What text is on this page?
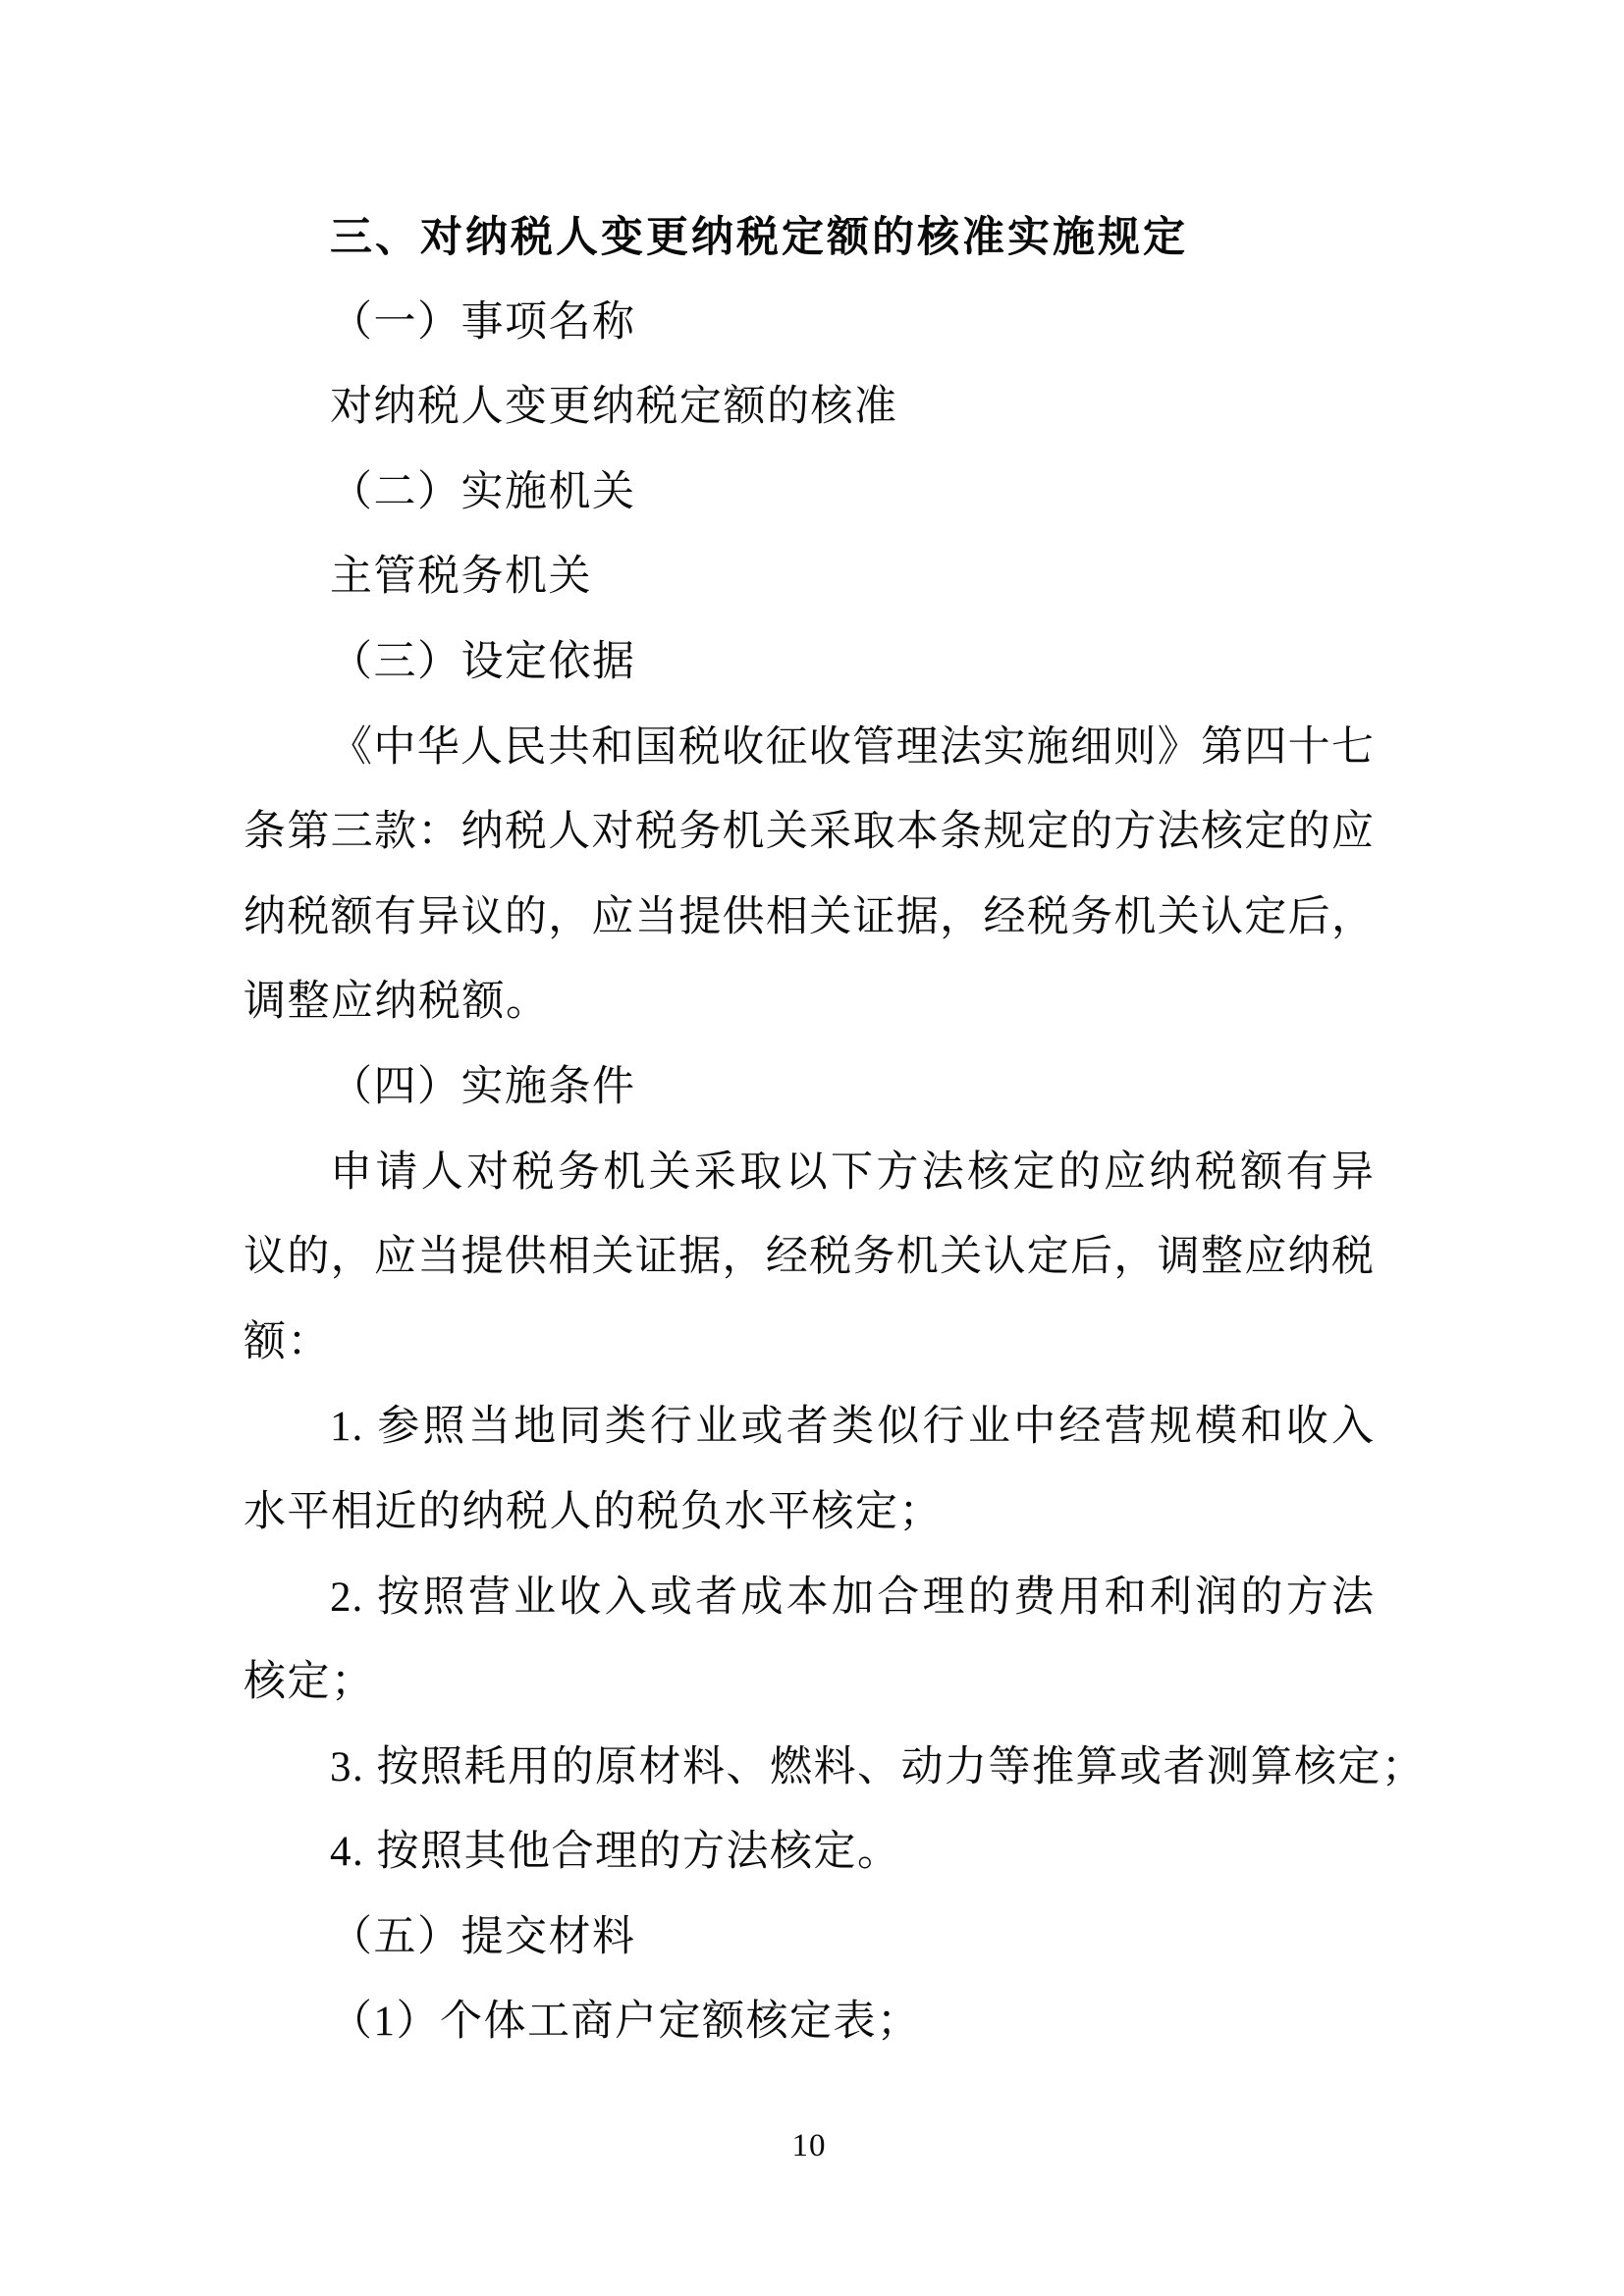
三、对纳税人变更纳税定额的核准实施规定
（一）事项名称
对纳税人变更纳税定额的核准
（二）实施机关
主管税务机关
（三）设定依据
《中华人民共和国税收征收管理法实施细则》第四十七
条第三款：纳税人对税务机关采取本条规定的方法核定的应
纳税额有异议的，应当提供相关证据，经税务机关认定后，
调整应纳税额。
（四）实施条件
申请人对税务机关采取以下方法核定的应纳税额有异
议的，应当提供相关证据，经税务机关认定后，调整应纳税
额：
1. 参照当地同类行业或者类似行业中经营规模和收入
水平相近的纳税人的税负水平核定；
2. 按照营业收入或者成本加合理的费用和利润的方法
核定；
3. 按照耗用的原材料、燃料、动力等推算或者测算核定；
4. 按照其他合理的方法核定。
（五）提交材料
（1）个体工商户定额核定表；
10
